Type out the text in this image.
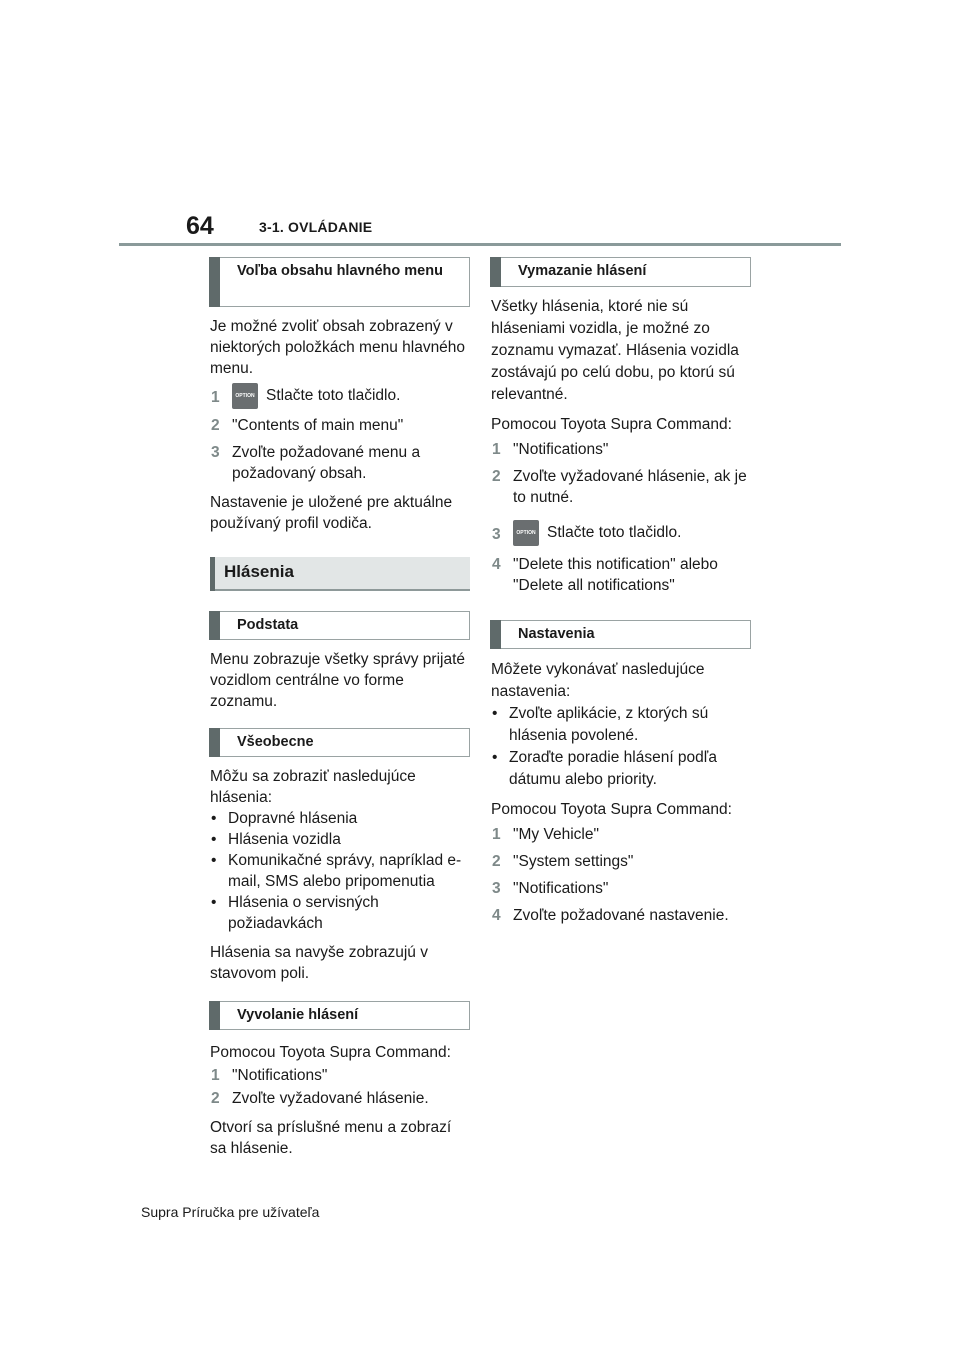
64	3-1. OVLÁDANIE
Voľba obsahu hlavného menu

Je možné zvoliť obsah zobrazený v niektorých položkách menu hlavného menu.

1	OPTION Stlačte toto tlačidlo.
2 "Contents of main menu"
3 Zvoľte požadované menu a požadovaný obsah.

Nastavenie je uložené pre aktuálne používaný profil vodiča.

Hlásenia
Podstata

Menu zobrazuje všetky správy prijaté vozidlom centrálne vo forme zoznamu.

Všeobecne

Môžu sa zobraziť nasledujúce hlásenia:

• Dopravné hlásenia
• Hlásenia vozidla
• Komunikačné správy, napríklad e-mail, SMS alebo pripomenutia
• Hlásenia o servisných požiadavkách

Hlásenia sa navyše zobrazujú v stavovom poli.

Vyvolanie hlásení

Pomocou Toyota Supra Command:

1 "Notifications"
2 Zvoľte vyžadované hlásenie.

Otvorí sa príslušné menu a zobrazí sa hlásenie.

Vymazanie hlásení

Všetky hlásenia, ktoré nie sú hláseniami vozidla, je možné zo zoznamu vymazať. Hlásenia vozidla zostávajú po celú dobu, po ktorú sú relevantné.

Pomocou Toyota Supra Command:

1 "Notifications"
2 Zvoľte vyžadované hlásenie, ak je to nutné.
3	OPTION Stlačte toto tlačidlo.
4 "Delete this notification" alebo "Delete all notifications"
Nastavenia

Môžete vykonávať nasledujúce nastavenia:

• Zvoľte aplikácie, z ktorých sú hlásenia povolené.
• Zoraďte poradie hlásení podľa dátumu alebo priority.

Pomocou Toyota Supra Command:

1 "My Vehicle"
2 "System settings"
3 "Notifications"
4 Zvoľte požadované nastavenie.
Supra Príručka pre užívateľa
